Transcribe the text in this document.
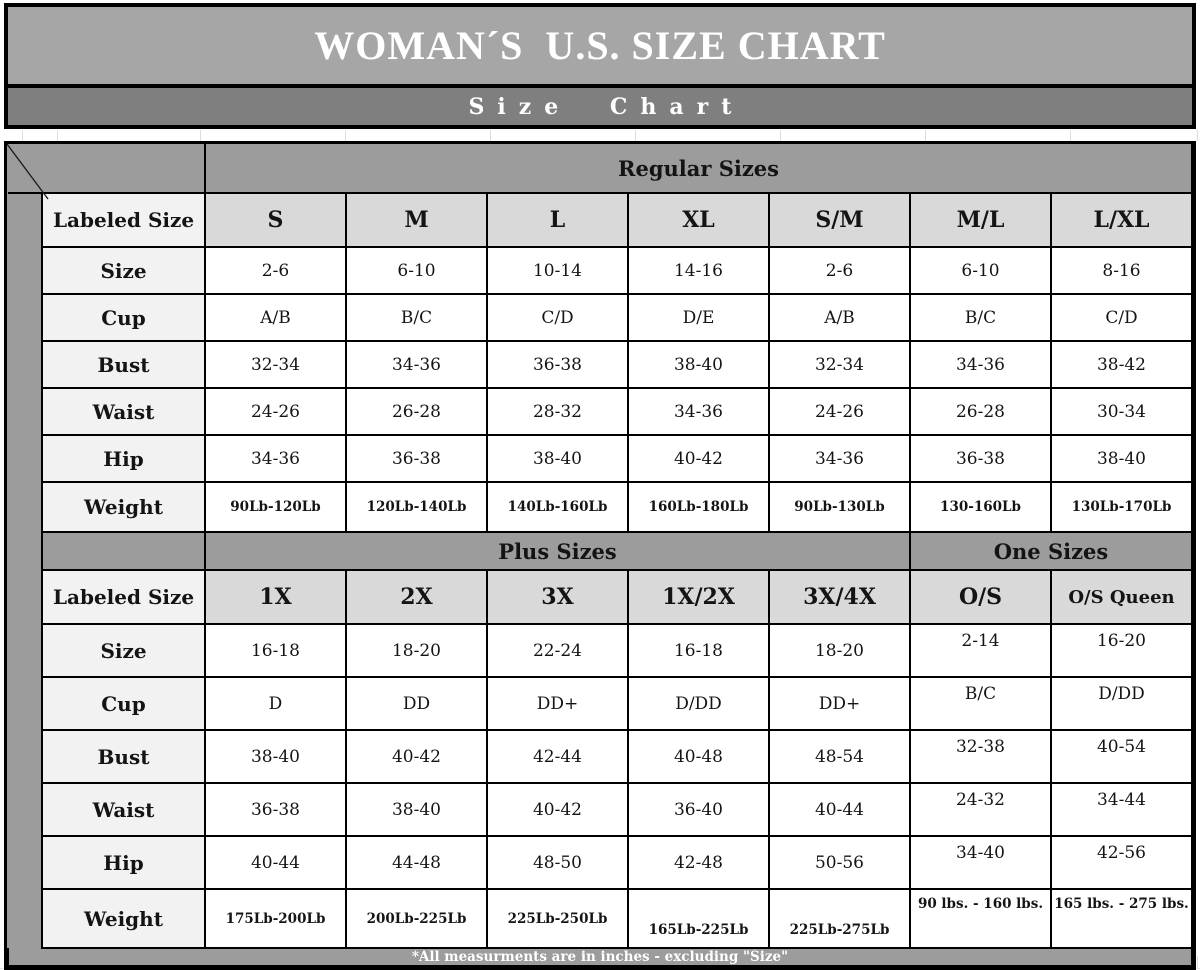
WOMAN´S  U.S. SIZE CHART
Size Chart
		Regular Sizes						
	Labeled Size	S	M	L	XL	S/M	M/L	L/XL
	Size	2-6	6-10	10-14	14-16	2-6	6-10	8-16
	Cup	A/B	B/C	C/D	D/E	A/B	B/C	C/D
	Bust	32-34	34-36	36-38	38-40	32-34	34-36	38-42
	Waist	24-26	26-28	28-32	34-36	24-26	26-28	30-34
	Hip	34-36	36-38	38-40	40-42	34-36	36-38	38-40
	Weight	90Lb-120Lb	120Lb-140Lb	140Lb-160Lb	160Lb-180Lb	90Lb-130Lb	130-160Lb	130Lb-170Lb
		Plus Sizes					One Sizes	
	Labeled Size	1X	2X	3X	1X/2X	3X/4X	O/S	O/S Queen
	Size	16-18	18-20	22-24	16-18	18-20	2-14	16-20
	Cup	D	DD	DD+	D/DD	DD+	B/C	D/DD
	Bust	38-40	40-42	42-44	40-48	48-54	32-38	40-54
	Waist	36-38	38-40	40-42	36-40	40-44	24-32	34-44
	Hip	40-44	44-48	48-50	42-48	50-56	34-40	42-56
	Weight	175Lb-200Lb	200Lb-225Lb	225Lb-250Lb	165Lb-225Lb	225Lb-275Lb	90 lbs. - 160 lbs.	165 lbs. - 275 lbs.
*All measurments are in inches - excluding "Size"								
